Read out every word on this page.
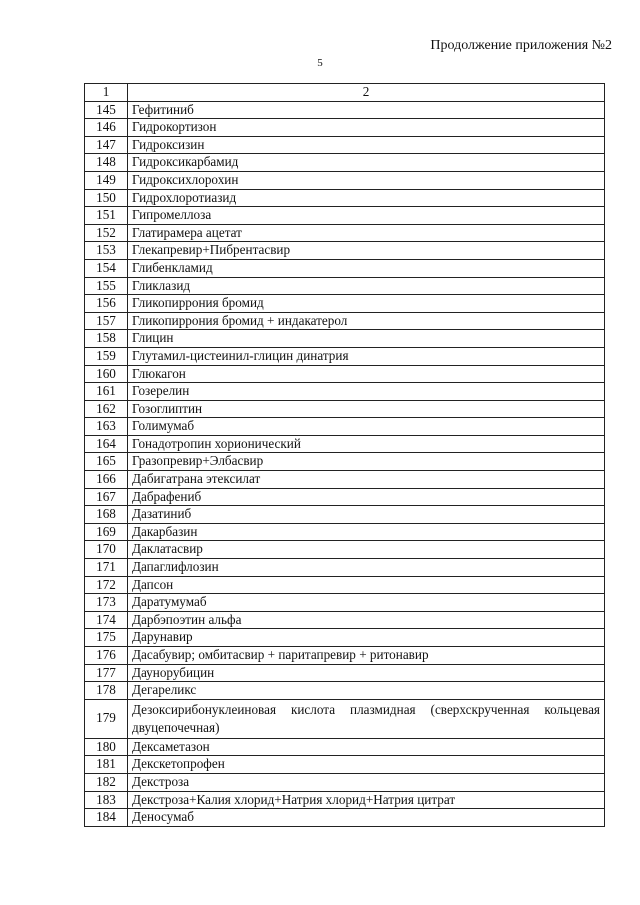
Продолжение приложения №2
5
1	2
145	Гефитиниб
146	Гидрокортизон
147	Гидроксизин
148	Гидроксикарбамид
149	Гидроксихлорохин
150	Гидрохлоротиазид
151	Гипромеллоза
152	Глатирамера ацетат
153	Глекапревир+Пибрентасвир
154	Глибенкламид
155	Гликлазид
156	Гликопиррония бромид
157	Гликопиррония бромид + индакатерол
158	Глицин
159	Глутамил-цистеинил-глицин динатрия
160	Глюкагон
161	Гозерелин
162	Гозоглиптин
163	Голимумаб
164	Гонадотропин хорионический
165	Гразопревир+Элбасвир
166	Дабигатрана этексилат
167	Дабрафениб
168	Дазатиниб
169	Дакарбазин
170	Даклатасвир
171	Дапаглифлозин
172	Дапсон
173	Даратумумаб
174	Дарбэпоэтин альфа
175	Дарунавир
176	Дасабувир; омбитасвир + паритапревир + ритонавир
177	Даунорубицин
178	Дегареликс
179	Дезоксирибонуклеиновая кислота плазмидная (сверхскрученная кольцевая двуцепочечная)
180	Дексаметазон
181	Декскетопрофен
182	Декстроза
183	Декстроза+Калия хлорид+Натрия хлорид+Натрия цитрат
184	Деносумаб
